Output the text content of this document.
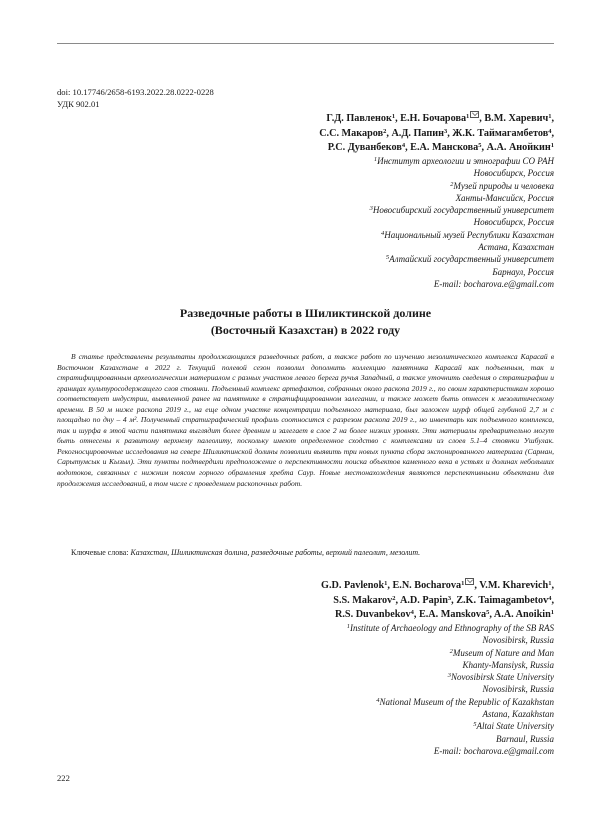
doi: 10.17746/2658-6193.2022.28.0222-0228
УДК 902.01
Г.Д. Павленок$^1$, Е.Н. Бочарова$^1$ , В.М. Харевич$^1$,
С.С. Макаров$^2$, А.Д. Папин$^3$, Ж.К. Таймагамбетов$^4$,
Р.С. Дуванбеков$^4$, Е.А. Манскова$^5$, А.А. Анойкин$^1$
$^1$Институт археологии и этнографии СО РАН
Новосибирск, Россия
$^2$Музей природы и человека
Ханты-Мансийск, Россия
$^3$Новосибирский государственный университет
Новосибирск, Россия
$^4$Национальный музей Республики Казахстан
Астана, Казахстан
$^5$Алтайский государственный университет
Барнаул, Россия
E-mail: bocharova.e@gmail.com
Разведочные работы в Шиликтинской долине
(Восточный Казахстан) в 2022 году

В статье представлены результаты продолжающихся разведочных работ, а также работ по изучению мезолитического комплекса Карасай в Восточном Казахстане в 2022 г. Текущий полевой сезон позволил дополнить коллекцию памятника Карасай как подъемным, так и стратифицированным археологическим материалом с разных участков левого берега ручья Западный, а также уточнить сведения о стратиграфии и границах культуросодержащего слоя стоянки. Подъемный комплекс артефактов, собранных около раскопа 2019 г., по своим характеристикам хорошо соответствует индустрии, выявленной ранее на памятнике в стратифицированном залегании, и также может быть отнесен к мезолитическому времени. В 50 м ниже раскопа 2019 г., на еще одном участке концентрации подъемного материала, был заложен шурф общей глубиной 2,7 м с площадью по дну – 4 м². Полученный стратиграфический профиль соотносится с разрезом раскопа 2019 г., но инвентарь как подъемного комплекса, так и шурфа в этой части памятника выглядит более древним и залегает в слое 2 на более низких уровнях. Эти материалы предварительно могут быть отнесены к развитому верхнему палеолиту, поскольку имеют определенное сходство с комплексами из слоев 5.1–4 стоянки Ушбулак. Рекогносцировочные исследования на севере Шиликтинской долины позволили выявить три новых пункта сбора экспонированного материала (Сарман, Сарытумсык и Кызыл). Эти пункты подтвердили предположение о перспективности поиска объектов каменного века в устьях и долинах небольших водотоков, связанных с нижним поясом горного обрамления хребта Саур. Новые местонахождения являются перспективными объектами для продолжения исследований, в том числе с проведением раскопочных работ.

Ключевые слова: Казахстан, Шиликтинская долина, разведочные работы, верхний палеолит, мезолит.
G.D. Pavlenok$^1$, E.N. Bocharova$^1$ , V.M. Kharevich$^1$,
S.S. Makarov$^2$, A.D. Papin$^3$, Z.K. Taimagambetov$^4$,
R.S. Duvanbekov$^4$, E.A. Manskova$^5$, A.A. Anoikin$^1$
$^1$Institute of Archaeology and Ethnography of the SB RAS
Novosibirsk, Russia
$^2$Museum of Nature and Man
Khanty-Mansiysk, Russia
$^3$Novosibirsk State University
Novosibirsk, Russia
$^4$National Museum of the Republic of Kazakhstan
Astana, Kazakhstan
$^5$Altai State University
Barnaul, Russia
E-mail: bocharova.e@gmail.com
222
